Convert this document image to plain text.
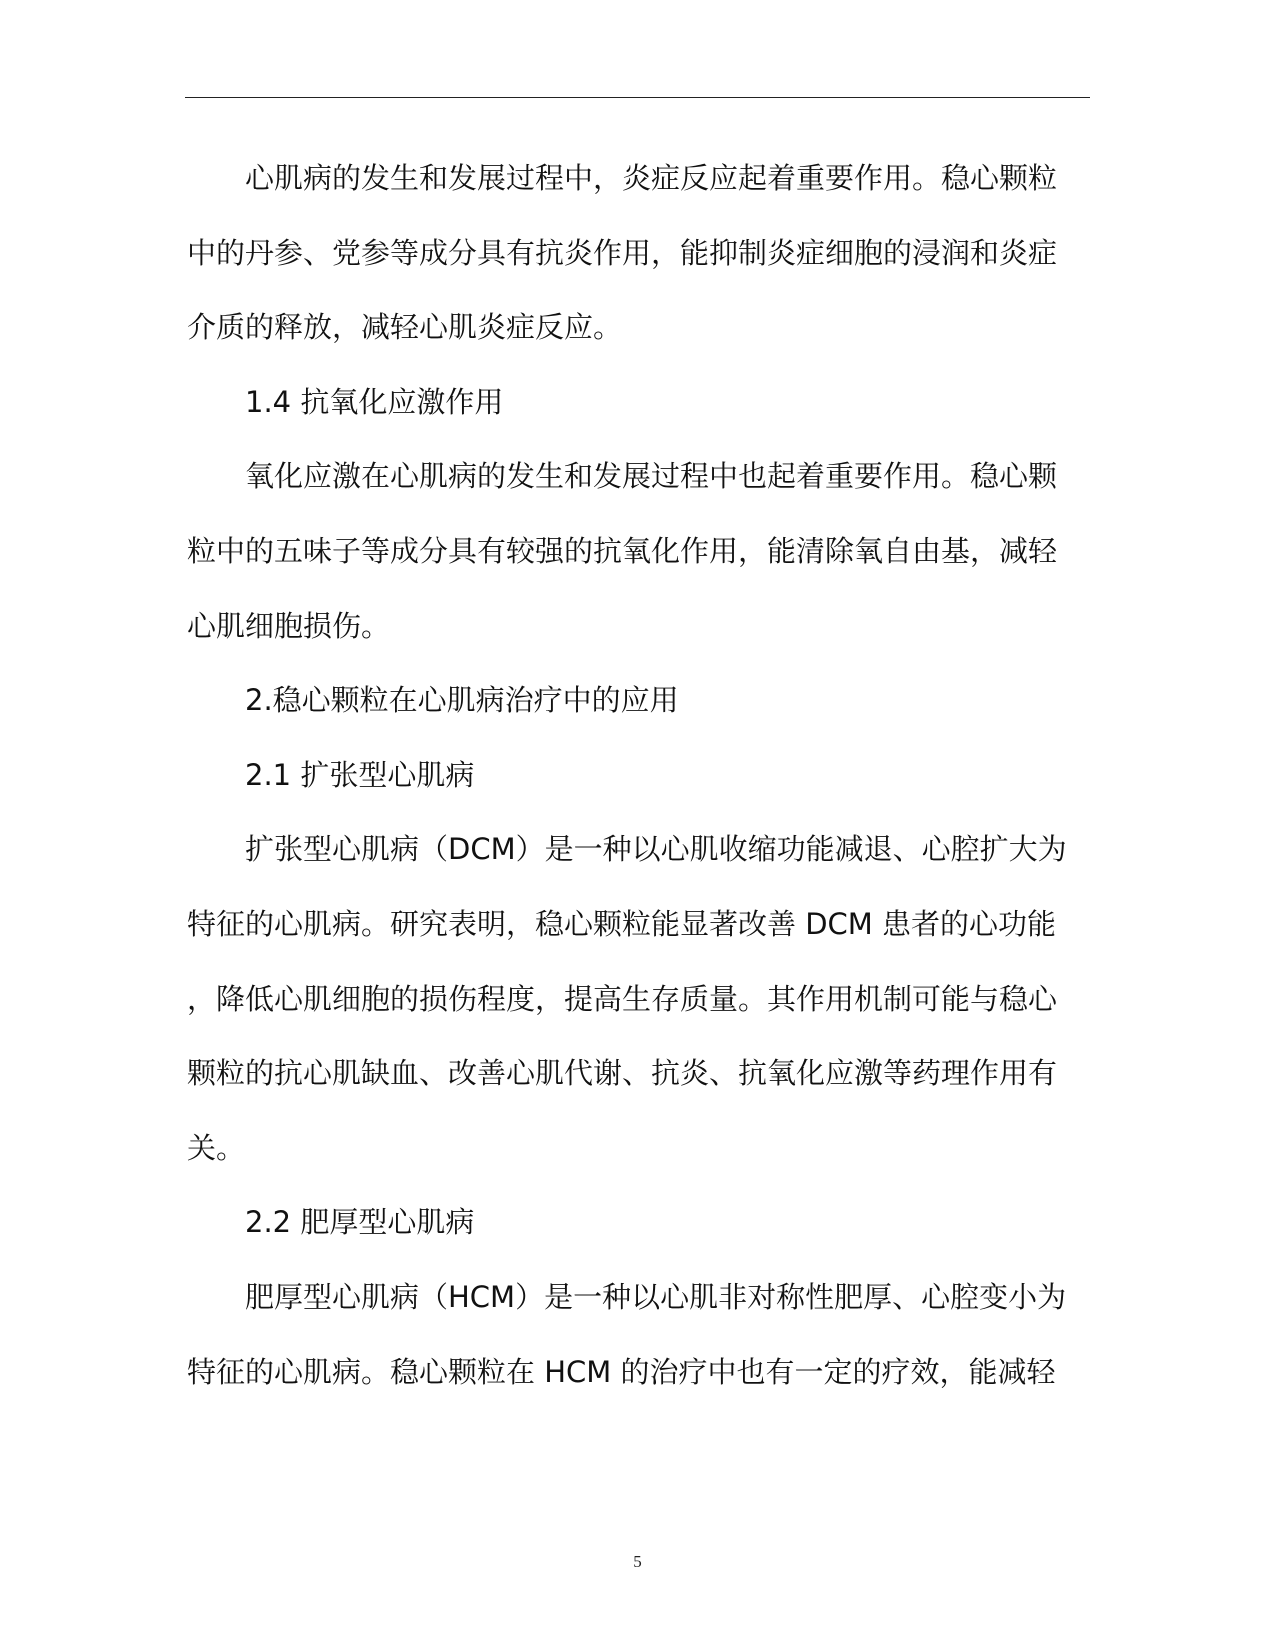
心肌病的发生和发展过程中，炎症反应起着重要作用。稳心颗粒
中的丹参、党参等成分具有抗炎作用，能抑制炎症细胞的浸润和炎症
介质的释放，减轻心肌炎症反应。
1.4 抗氧化应激作用
氧化应激在心肌病的发生和发展过程中也起着重要作用。稳心颗
粒中的五味子等成分具有较强的抗氧化作用，能清除氧自由基，减轻
心肌细胞损伤。
2.稳心颗粒在心肌病治疗中的应用
2.1 扩张型心肌病
扩张型心肌病（DCM）是一种以心肌收缩功能减退、心腔扩大为
特征的心肌病。研究表明，稳心颗粒能显著改善 DCM 患者的心功能
，降低心肌细胞的损伤程度，提高生存质量。其作用机制可能与稳心
颗粒的抗心肌缺血、改善心肌代谢、抗炎、抗氧化应激等药理作用有
关。
2.2 肥厚型心肌病
肥厚型心肌病（HCM）是一种以心肌非对称性肥厚、心腔变小为
特征的心肌病。稳心颗粒在 HCM 的治疗中也有一定的疗效，能减轻
5
